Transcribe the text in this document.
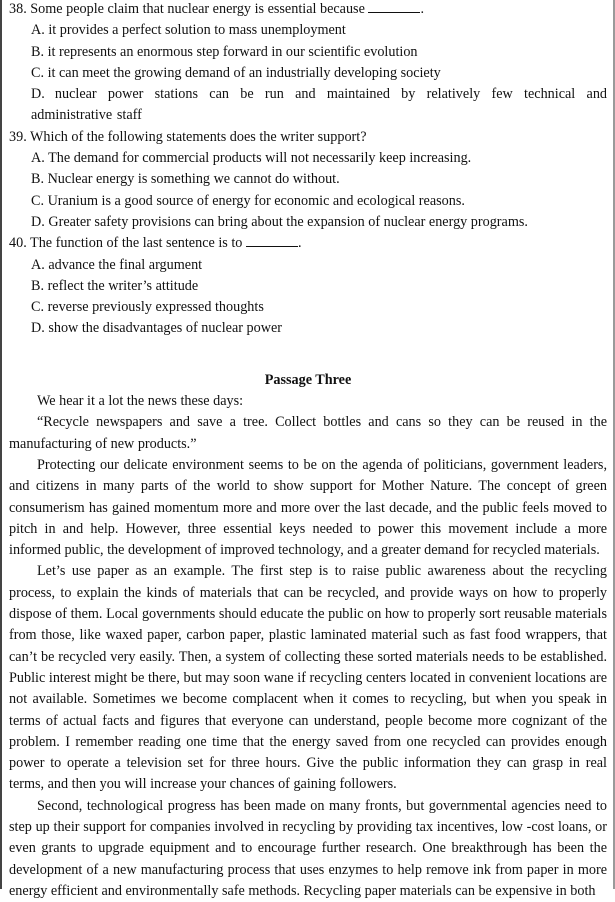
38. Some people claim that nuclear energy is essential because	.

A. it provides a perfect solution to mass unemployment

B. it represents an enormous step forward in our scientific evolution

C. it can meet the growing demand of an industrially developing society

D. nuclear power stations can be run and maintained by relatively few technical and administrative staff

39. Which of the following statements does the writer support?

A. The demand for commercial products will not necessarily keep increasing.

B. Nuclear energy is something we cannot do without.

C. Uranium is a good source of energy for economic and ecological reasons.

D. Greater safety provisions can bring about the expansion of nuclear energy programs.

40. The function of the last sentence is to	.

A. advance the final argument

B. reflect the writer’s attitude

C. reverse previously expressed thoughts

D. show the disadvantages of nuclear power

Passage Three

We hear it a lot the news these days:

“Recycle newspapers and save a tree. Collect bottles and cans so they can be reused in the manufacturing of new products.”

Protecting our delicate environment seems to be on the agenda of politicians, government leaders, and citizens in many parts of the world to show support for Mother Nature. The concept of green consumerism has gained momentum more and more over the last decade, and the public feels moved to pitch in and help. However, three essential keys needed to power this movement include a more informed public, the development of improved technology, and a greater demand for recycled materials.

Let’s use paper as an example. The first step is to raise public awareness about the recycling process, to explain the kinds of materials that can be recycled, and provide ways on how to properly dispose of them. Local governments should educate the public on how to properly sort reusable materials from those, like waxed paper, carbon paper, plastic laminated material such as fast food wrappers, that can’t be recycled very easily. Then, a system of collecting these sorted materials needs to be established. Public interest might be there, but may soon wane if recycling centers located in convenient locations are not available. Sometimes we become complacent when it comes to recycling, but when you speak in terms of actual facts and figures that everyone can understand, people become more cognizant of the problem. I remember reading one time that the energy saved from one recycled can provides enough power to operate a television set for three hours. Give the public information they can grasp in real terms, and then you will increase your chances of gaining followers.

Second, technological progress has been made on many fronts, but governmental agencies need to step up their support for companies involved in recycling by providing tax incentives, low -cost loans, or even grants to upgrade equipment and to encourage further research. One breakthrough has been the development of a new manufacturing process that uses enzymes to help remove ink from paper in more energy efficient and environmentally safe methods. Recycling paper materials can be expensive in both
